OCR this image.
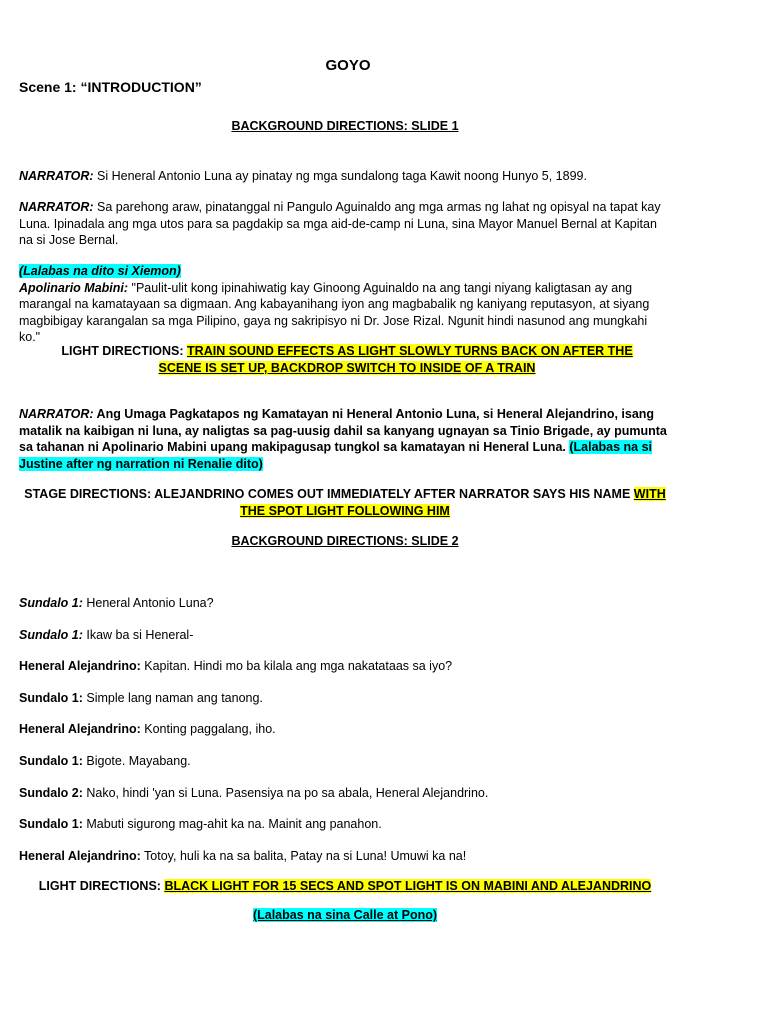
GOYO
Scene 1: “INTRODUCTION”
BACKGROUND DIRECTIONS: SLIDE 1
NARRATOR: Si Heneral Antonio Luna ay pinatay ng mga sundalong taga Kawit noong Hunyo 5, 1899.
NARRATOR: Sa parehong araw, pinatanggal ni Pangulo Aguinaldo ang mga armas ng lahat ng opisyal na tapat kay Luna. Ipinadala ang mga utos para sa pagdakip sa mga aid-de-camp ni Luna, sina Mayor Manuel Bernal at Kapitan na si Jose Bernal.
(Lalabas na dito si Xiemon)
Apolinario Mabini: "Paulit-ulit kong ipinahiwatig kay Ginoong Aguinaldo na ang tangi niyang kaligtasan ay ang marangal na kamatayaan sa digmaan. Ang kabayanihang iyon ang magbabalik ng kaniyang reputasyon, at siyang magbibigay karangalan sa mga Pilipino, gaya ng sakripisyo ni Dr. Jose Rizal. Ngunit hindi nasunod ang mungkahi ko."
LIGHT DIRECTIONS: TRAIN SOUND EFFECTS AS LIGHT SLOWLY TURNS BACK ON AFTER THE SCENE IS SET UP, BACKDROP SWITCH TO INSIDE OF A TRAIN
NARRATOR: Ang Umaga Pagkatapos ng Kamatayan ni Heneral Antonio Luna, si Heneral Alejandrino, isang matalik na kaibigan ni luna, ay naligtas sa pag-uusig dahil sa kanyang ugnayan sa Tinio Brigade, ay pumunta sa tahanan ni Apolinario Mabini upang makipagusap tungkol sa kamatayan ni Heneral Luna. (Lalabas na si Justine after ng narration ni Renalie dito)
STAGE DIRECTIONS: ALEJANDRINO COMES OUT IMMEDIATELY AFTER NARRATOR SAYS HIS NAME WITH THE SPOT LIGHT FOLLOWING HIM
BACKGROUND DIRECTIONS: SLIDE 2
Sundalo 1: Heneral Antonio Luna?
Sundalo 1: Ikaw ba si Heneral-
Heneral Alejandrino: Kapitan. Hindi mo ba kilala ang mga nakatataas sa iyo?
Sundalo 1: Simple lang naman ang tanong.
Heneral Alejandrino: Konting paggalang, iho.
Sundalo 1: Bigote. Mayabang.
Sundalo 2: Nako, hindi 'yan si Luna. Pasensiya na po sa abala, Heneral Alejandrino.
Sundalo 1: Mabuti sigurong mag-ahit ka na. Mainit ang panahon.
Heneral Alejandrino: Totoy, huli ka na sa balita, Patay na si Luna! Umuwi ka na!
LIGHT DIRECTIONS: BLACK LIGHT FOR 15 SECS AND SPOT LIGHT IS ON MABINI AND ALEJANDRINO
(Lalabas na sina Calle at Pono)
